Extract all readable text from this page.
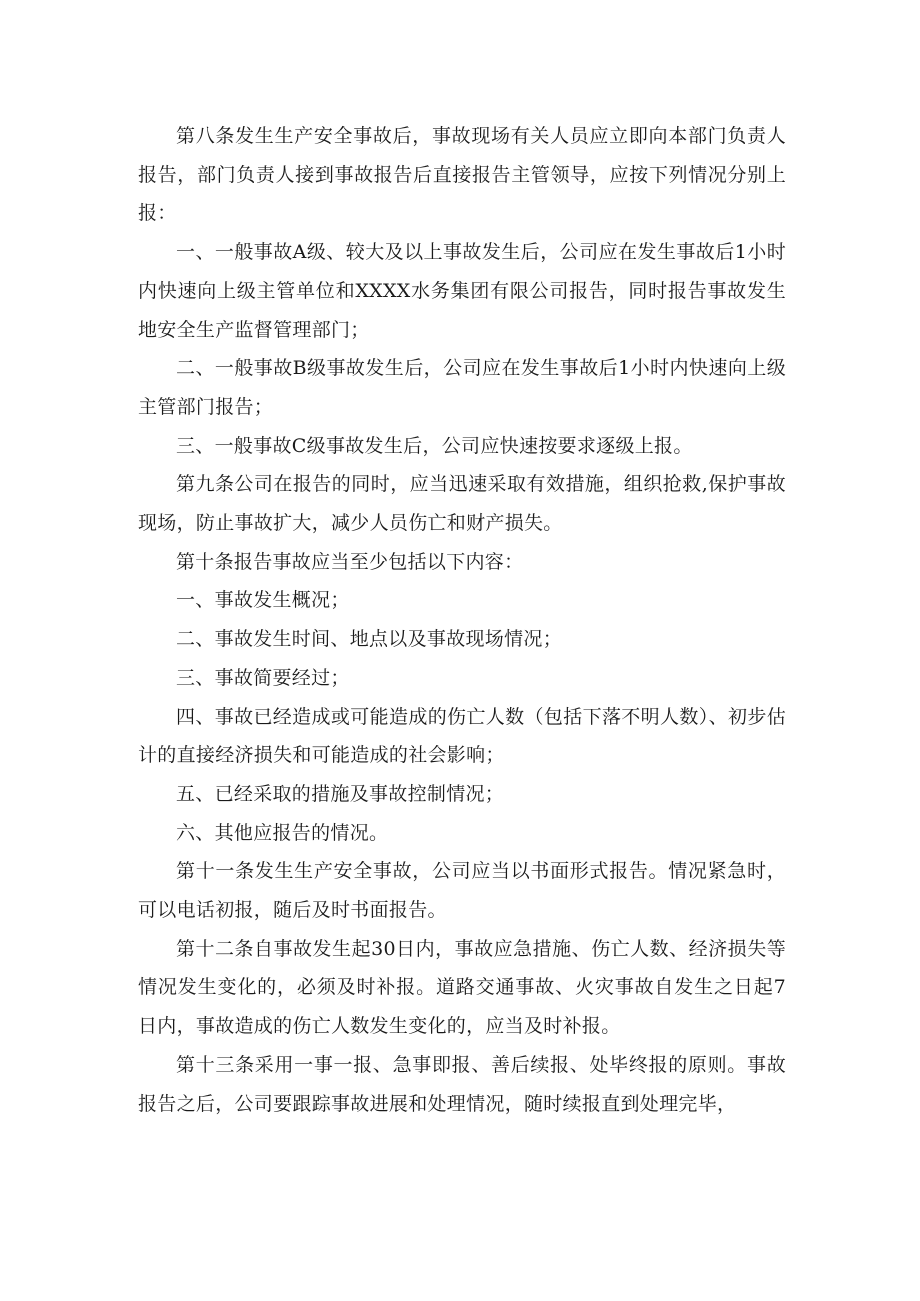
第八条发生生产安全事故后，事故现场有关人员应立即向本部门负责人报告，部门负责人接到事故报告后直接报告主管领导，应按下列情况分别上报：

一、一般事故A级、较大及以上事故发生后，公司应在发生事故后1小时内快速向上级主管单位和XXXX水务集团有限公司报告，同时报告事故发生地安全生产监督管理部门；

二、一般事故B级事故发生后，公司应在发生事故后1小时内快速向上级主管部门报告；

三、一般事故C级事故发生后，公司应快速按要求逐级上报。

第九条公司在报告的同时，应当迅速采取有效措施，组织抢救,保护事故现场，防止事故扩大，减少人员伤亡和财产损失。

第十条报告事故应当至少包括以下内容：

一、事故发生概况；

二、事故发生时间、地点以及事故现场情况；

三、事故简要经过；

四、事故已经造成或可能造成的伤亡人数（包括下落不明人数）、初步估计的直接经济损失和可能造成的社会影响；

五、已经采取的措施及事故控制情况；

六、其他应报告的情况。

第十一条发生生产安全事故，公司应当以书面形式报告。情况紧急时，可以电话初报，随后及时书面报告。

第十二条自事故发生起30日内，事故应急措施、伤亡人数、经济损失等情况发生变化的，必须及时补报。道路交通事故、火灾事故自发生之日起7日内，事故造成的伤亡人数发生变化的，应当及时补报。

第十三条采用一事一报、急事即报、善后续报、处毕终报的原则。事故报告之后，公司要跟踪事故进展和处理情况，随时续报直到处理完毕，
